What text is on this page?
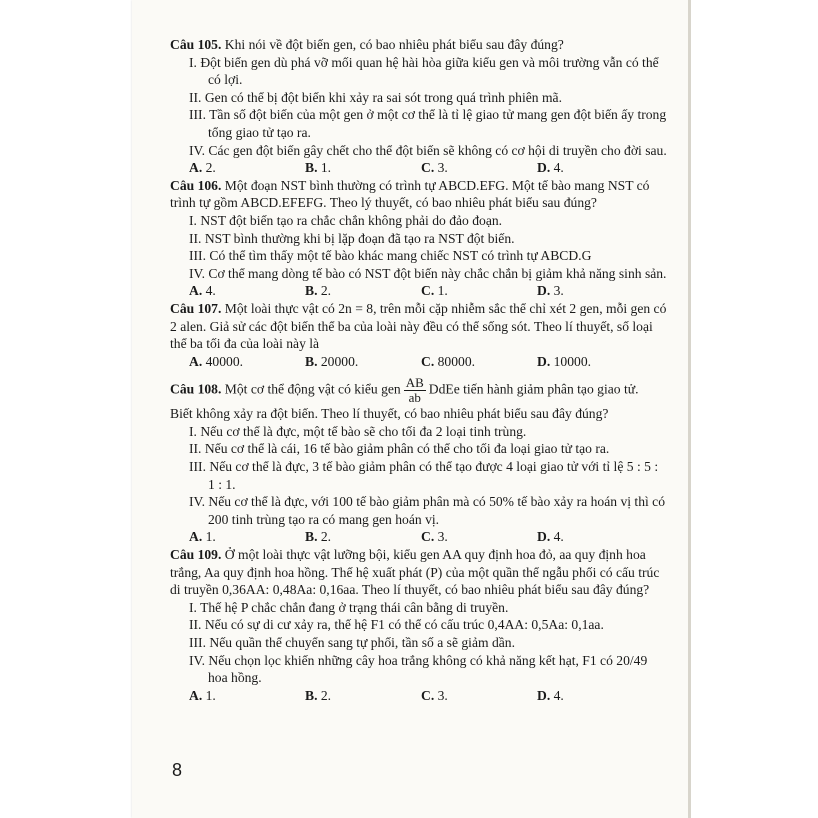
Câu 105. Khi nói về đột biến gen, có bao nhiêu phát biểu sau đây đúng?
I. Đột biến gen dù phá vỡ mối quan hệ hài hòa giữa kiểu gen và môi trường vẫn có thể có lợi.
II. Gen có thể bị đột biến khi xảy ra sai sót trong quá trình phiên mã.
III. Tần số đột biến của một gen ở một cơ thể là tỉ lệ giao tử mang gen đột biến ấy trong tổng giao tử tạo ra.
IV. Các gen đột biến gây chết cho thể đột biến sẽ không có cơ hội di truyền cho đời sau.
A. 2.	B. 1.	C. 3.	D. 4.
Câu 106. Một đoạn NST bình thường có trình tự ABCD.EFG. Một tế bào mang NST có trình tự gồm ABCD.EFEFG. Theo lý thuyết, có bao nhiêu phát biểu sau đúng?
I. NST đột biến tạo ra chắc chắn không phải do đảo đoạn.
II. NST bình thường khi bị lặp đoạn đã tạo ra NST đột biến.
III. Có thể tìm thấy một tế bào khác mang chiếc NST có trình tự ABCD.G
IV. Cơ thể mang dòng tế bào có NST đột biến này chắc chắn bị giảm khả năng sinh sản.
A. 4.	B. 2.	C. 1.	D. 3.
Câu 107. Một loài thực vật có 2n = 8, trên mỗi cặp nhiễm sắc thể chỉ xét 2 gen, mỗi gen có 2 alen. Giả sử các đột biến thể ba của loài này đều có thể sống sót. Theo lí thuyết, số loại thể ba tối đa của loài này là
A. 40000.	B. 20000.	C. 80000.	D. 10000.
Câu 108. Một cơ thể động vật có kiểu gen $\frac{AB}{ab}$ DdEe tiến hành giảm phân tạo giao tử.
Biết không xảy ra đột biến. Theo lí thuyết, có bao nhiêu phát biểu sau đây đúng?
I. Nếu cơ thể là đực, một tế bào sẽ cho tối đa 2 loại tinh trùng.
II. Nếu cơ thể là cái, 16 tế bào giảm phân có thể cho tối đa loại giao tử tạo ra.
III. Nếu cơ thể là đực, 3 tế bào giảm phân có thể tạo được 4 loại giao tử với tỉ lệ 5 : 5 : 1 : 1.
IV. Nếu cơ thể là đực, với 100 tế bào giảm phân mà có 50% tế bào xảy ra hoán vị thì có 200 tinh trùng tạo ra có mang gen hoán vị.
A. 1.	B. 2.	C. 3.	D. 4.
Câu 109. Ở một loài thực vật lưỡng bội, kiểu gen AA quy định hoa đỏ, aa quy định hoa trắng, Aa quy định hoa hồng. Thế hệ xuất phát (P) của một quần thể ngẫu phối có cấu trúc di truyền 0,36AA: 0,48Aa: 0,16aa. Theo lí thuyết, có bao nhiêu phát biểu sau đây đúng?
I. Thế hệ P chắc chắn đang ở trạng thái cân bằng di truyền.
II. Nếu có sự di cư xảy ra, thế hệ F1 có thể có cấu trúc 0,4AA: 0,5Aa: 0,1aa.
III. Nếu quần thể chuyển sang tự phối, tần số a sẽ giảm dần.
IV. Nếu chọn lọc khiến những cây hoa trắng không có khả năng kết hạt, F1 có 20/49 hoa hồng.
A. 1.	B. 2.	C. 3.	D. 4.
8
